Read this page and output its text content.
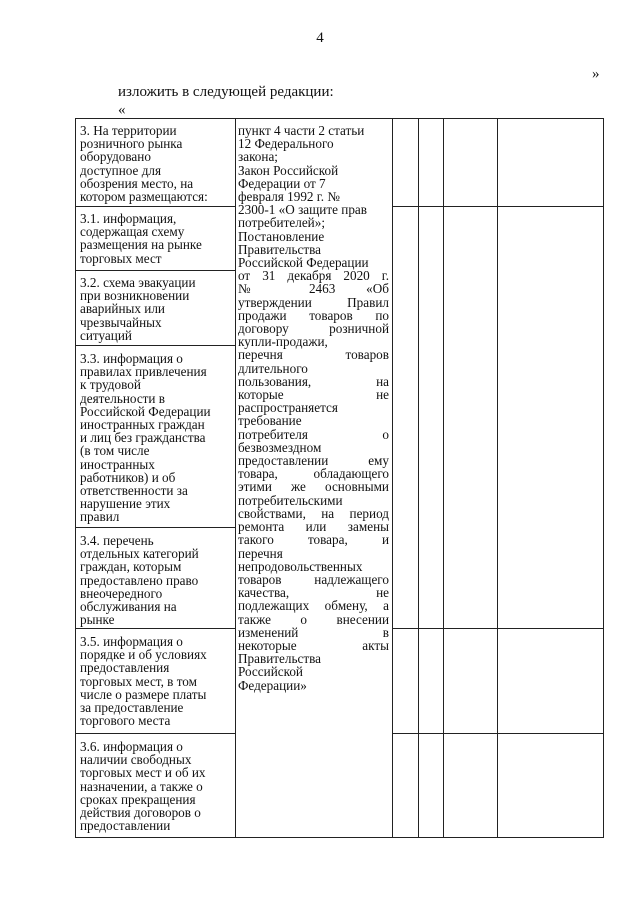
4
»
изложить в следующей редакции:
«
3. На территории
розничного рынка
оборудовано
доступное для
обозрения место, на
котором размещаются:
3.1. информация,
содержащая схему
размещения на рынке
торговых мест
3.2. схема эвакуации
при возникновении
аварийных или
чрезвычайных
ситуаций
3.3. информация о
правилах привлечения
к трудовой
деятельности в
Российской Федерации
иностранных граждан
и лиц без гражданства
(в том числе
иностранных
работников) и об
ответственности за
нарушение этих
правил
3.4. перечень
отдельных категорий
граждан, которым
предоставлено право
внеочередного
обслуживания на
рынке
3.5. информация о
порядке и об условиях
предоставления
торговых мест, в том
числе о размере платы
за предоставление
торгового места
3.6. информация о
наличии свободных
торговых мест и об их
назначении, а также о
сроках прекращения
действия договоров о
предоставлении
пункт 4 части 2 статьи
12 Федерального
закона;
Закон Российской
Федерации от 7
февраля 1992 г. №
2300-1 «О защите прав
потребителей»;
Постановление
Правительства
Российской Федерации
от 31 декабря 2020 г.
№ 2463 «Об
утверждении Правил
продажи товаров по
договору розничной
купли-продажи,
перечня товаров
длительного
пользования, на
которые не
распространяется
требование
потребителя о
безвозмездном
предоставлении ему
товара, обладающего
этими же основными
потребительскими
свойствами, на период
ремонта или замены
такого товара, и
перечня
непродовольственных
товаров надлежащего
качества, не
подлежащих обмену, а
также о внесении
изменений в
некоторые акты
Правительства
Российской
Федерации»
